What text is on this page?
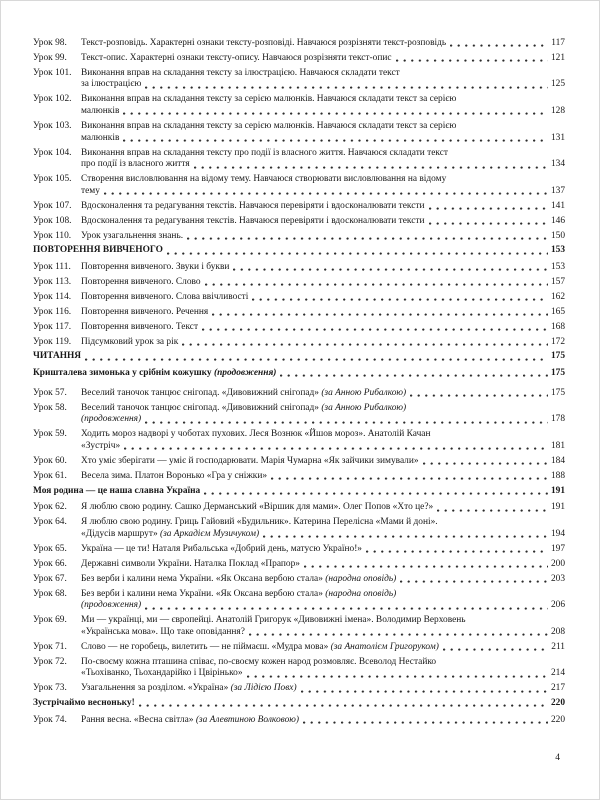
Урок 98.	Текст-розповідь. Характерні ознаки тексту-розповіді. Навчаюся розрізняти текст-розповідь	117
Урок 99.	Текст-опис. Характерні ознаки тексту-опису. Навчаюся розрізняти текст-опис	121
Урок 101.	Виконання вправ на складання тексту за ілюстрацією. Навчаюся складати текст
за ілюстрацією	125
Урок 102.	Виконання вправ на складання тексту за серією малюнків. Навчаюся складати текст за серією
малюнків	128
Урок 103.	Виконання вправ на складання тексту за серією малюнків. Навчаюся складати текст за серією
малюнків	131
Урок 104.	Виконання вправ на складання тексту про події із власного життя. Навчаюся складати текст
про події із власного життя	134
Урок 105.	Створення висловлювання на відому тему. Навчаюся створювати висловлювання на відому
тему	137
Урок 107.	Вдосконалення та редагування текстів. Навчаюся перевіряти і вдосконалювати тексти	141
Урок 108.	Вдосконалення та редагування текстів. Навчаюся перевіряти і вдосконалювати тексти	146
Урок 110.	Урок узагальнення знань.	150
ПОВТОРЕННЯ ВИВЧЕНОГО	153
Урок 111.	Повторення вивченого. Звуки і букви	153
Урок 113.	Повторення вивченого. Слово	157
Урок 114.	Повторення вивченого. Слова ввічливості	162
Урок 116.	Повторення вивченого. Речення	165
Урок 117.	Повторення вивченого. Текст	168
Урок 119.	Підсумковий урок за рік	172
ЧИТАННЯ	175
Кришталева зимонька у срібнім кожушку (продовження)	175
Урок 57.	Веселий таночок танцює снігопад. «Дивовижний снігопад» (за Анною Рибалкою)	175
Урок 58.	Веселий таночок танцює снігопад. «Дивовижний снігопад» (за Анною Рибалкою)
(продовження)	178
Урок 59.	Ходить мороз надворі у чоботах пухових. Леся Вознюк «Йшов мороз». Анатолій Качан
«Зустріч»	181
Урок 60.	Хто уміє зберігати — уміє й господарювати. Марія Чумарна «Як зайчики зимували»	184
Урок 61.	Весела зима. Платон Воронько «Гра у сніжки»	188
Моя родина — це наша славна Україна	191
Урок 62.	Я люблю свою родину. Сашко Дерманський «Віршик для мами». Олег Попов «Хто це?»	191
Урок 64.	Я люблю свою родину. Гриць Гайовий «Будильник». Катерина Перелісна «Мами й доні».
«Дідусів маршрут» (за Аркадієм Музичуком)	194
Урок 65.	Україна — це ти! Наталя Рибальська «Добрий день, матусю Україно!»	197
Урок 66.	Державні символи України. Наталка Поклад «Прапор»	200
Урок 67.	Без верби і калини нема України. «Як Оксана вербою стала» (народна оповідь)	203
Урок 68.	Без верби і калини нема України. «Як Оксана вербою стала» (народна оповідь)
(продовження)	206
Урок 69.	Ми — українці, ми — європейці. Анатолій Григорук «Дивовижні імена». Володимир Верховень
«Українська мова». Що таке оповідання?	208
Урок 71.	Слово — не горобець, вилетить — не піймаєш. «Мудра мова» (за Анатолієм Григоруком)	211
Урок 72.	По-своєму кожна пташина співає, по-своєму кожен народ розмовляє. Всеволод Нестайко
«Тьохіванко, Тьохандарійко і Цвірінько»	214
Урок 73.	Узагальнення за розділом. «Україна» (за Лідією Повх)	217
Зустрічаймо весноньку!	220
Урок 74.	Рання весна. «Весна світла» (за Алевтиною Волковою)	220
4
